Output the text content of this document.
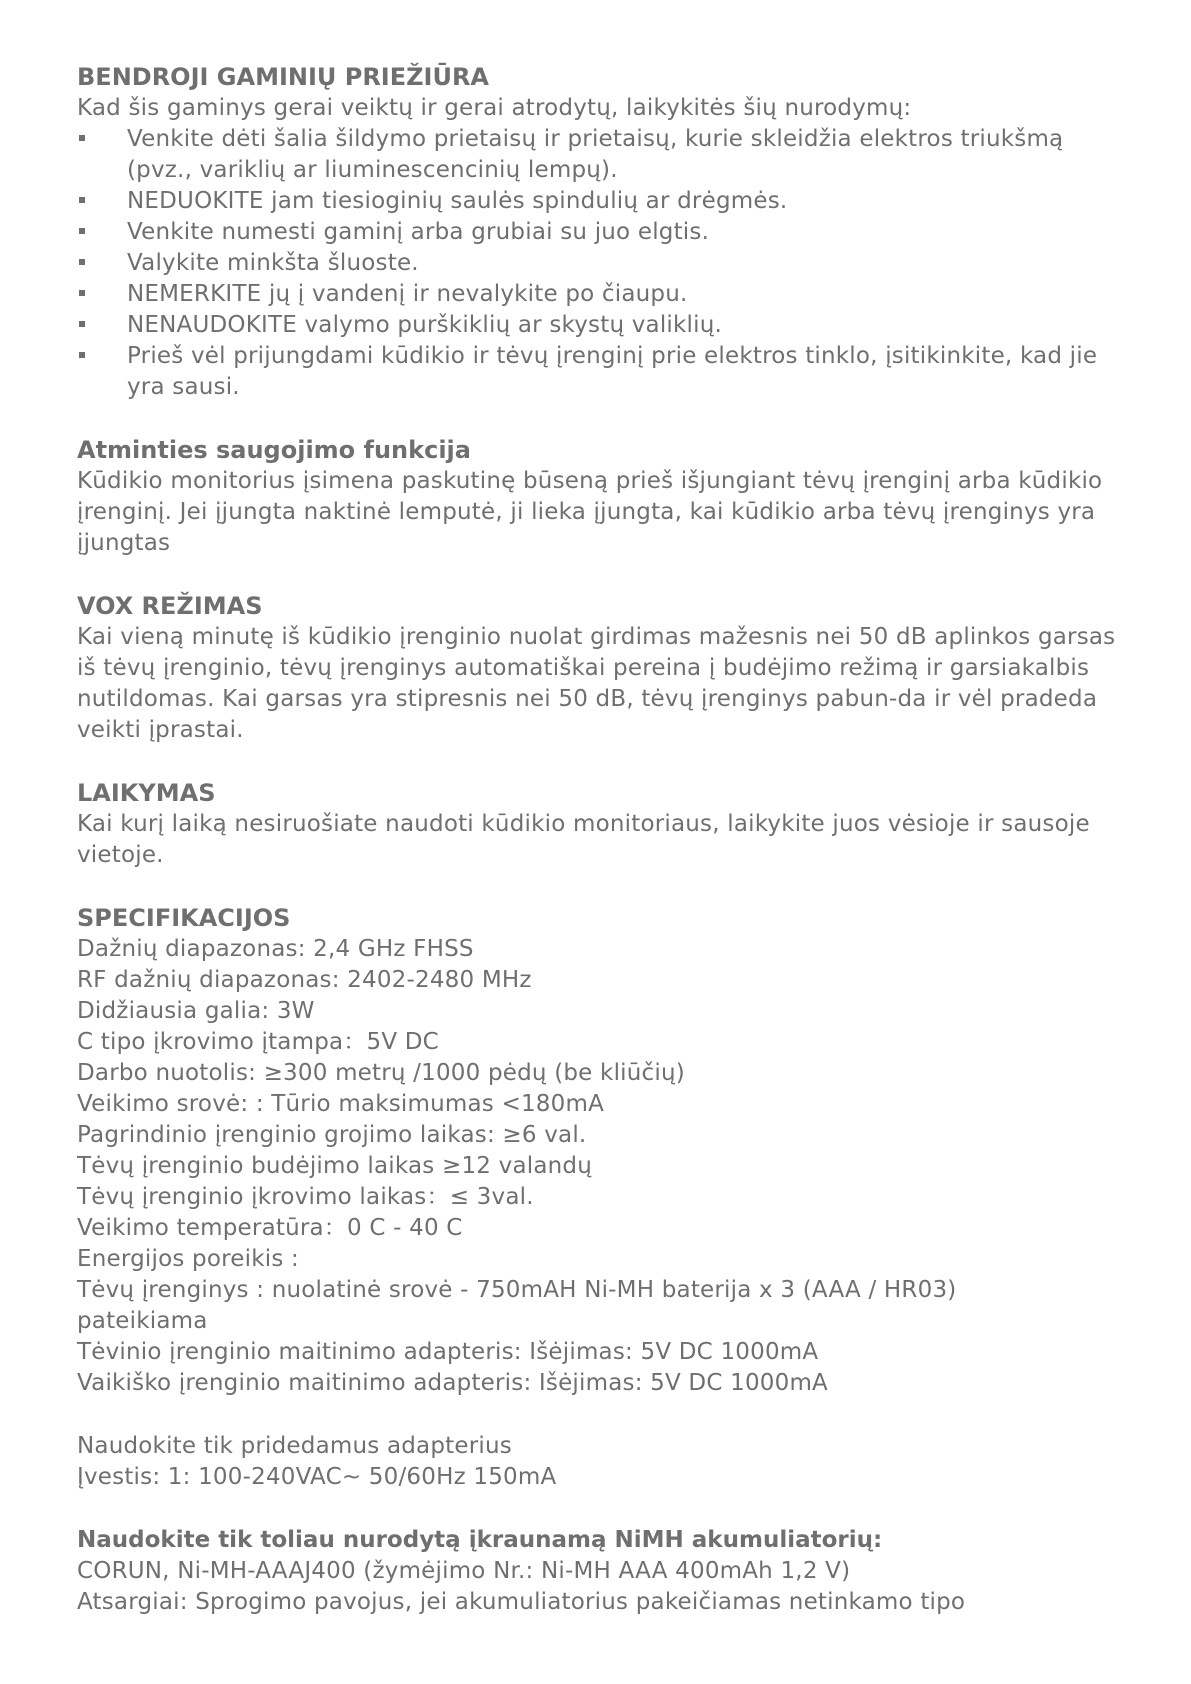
BENDROJI GAMINIŲ PRIEŽIŪRA

Kad šis gaminys gerai veiktų ir gerai atrodytų, laikykitės šių nurodymų:

Venkite dėti šalia šildymo prietaisų ir prietaisų, kurie skleidžia elektros triukšmą (pvz., variklių ar liuminescencinių lempų).
NEDUOKITE jam tiesioginių saulės spindulių ar drėgmės.
Venkite numesti gaminį arba grubiai su juo elgtis.
Valykite minkšta šluoste.
NEMERKITE jų į vandenį ir nevalykite po čiaupu.
NENAUDOKITE valymo purškiklių ar skystų valiklių.
Prieš vėl prijungdami kūdikio ir tėvų įrenginį prie elektros tinklo, įsitikinkite, kad jie yra sausi.
Atminties saugojimo funkcija

Kūdikio monitorius įsimena paskutinę būseną prieš išjungiant tėvų įrenginį arba kūdikio įrenginį. Jei įjungta naktinė lemputė, ji lieka įjungta, kai kūdikio arba tėvų įrenginys yra įjungtas

VOX REŽIMAS

Kai vieną minutę iš kūdikio įrenginio nuolat girdimas mažesnis nei 50 dB aplinkos garsas iš tėvų įrenginio, tėvų įrenginys automatiškai pereina į budėjimo režimą ir garsiakalbis nutildomas. Kai garsas yra stipresnis nei 50 dB, tėvų įrenginys pabun-da ir vėl pradeda veikti įprastai.

LAIKYMAS

Kai kurį laiką nesiruošiate naudoti kūdikio monitoriaus, laikykite juos vėsioje ir sausoje vietoje.

SPECIFIKACIJOS
Dažnių diapazonas: 2,4 GHz FHSS
RF dažnių diapazonas: 2402-2480 MHz
Didžiausia galia: 3W
C tipo įkrovimo įtampa：5V DC
Darbo nuotolis: ≥300 metrų /1000 pėdų (be kliūčių)
Veikimo srovė: : Tūrio maksimumas <180mA
Pagrindinio įrenginio grojimo laikas: ≥6 val.
Tėvų įrenginio budėjimo laikas ≥12 valandų
Tėvų įrenginio įkrovimo laikas：≤ 3val.
Veikimo temperatūra：0 C - 40 C
Energijos poreikis :
Tėvų įrenginys : nuolatinė srovė - 750mAH Ni-MH baterija x 3 (AAA / HR03)
pateikiama
Tėvinio įrenginio maitinimo adapteris: Išėjimas: 5V DC 1000mA
Vaikiško įrenginio maitinimo adapteris: Išėjimas: 5V DC 1000mA
Naudokite tik pridedamus adapterius
Įvestis: 1: 100-240VAC~ 50/60Hz 150mA
Naudokite tik toliau nurodytą įkraunamą NiMH akumuliatorių:
CORUN, Ni-MH-AAAJ400 (žymėjimo Nr.: Ni-MH AAA 400mAh 1,2 V)
Atsargiai: Sprogimo pavojus, jei akumuliatorius pakeičiamas netinkamo tipo
